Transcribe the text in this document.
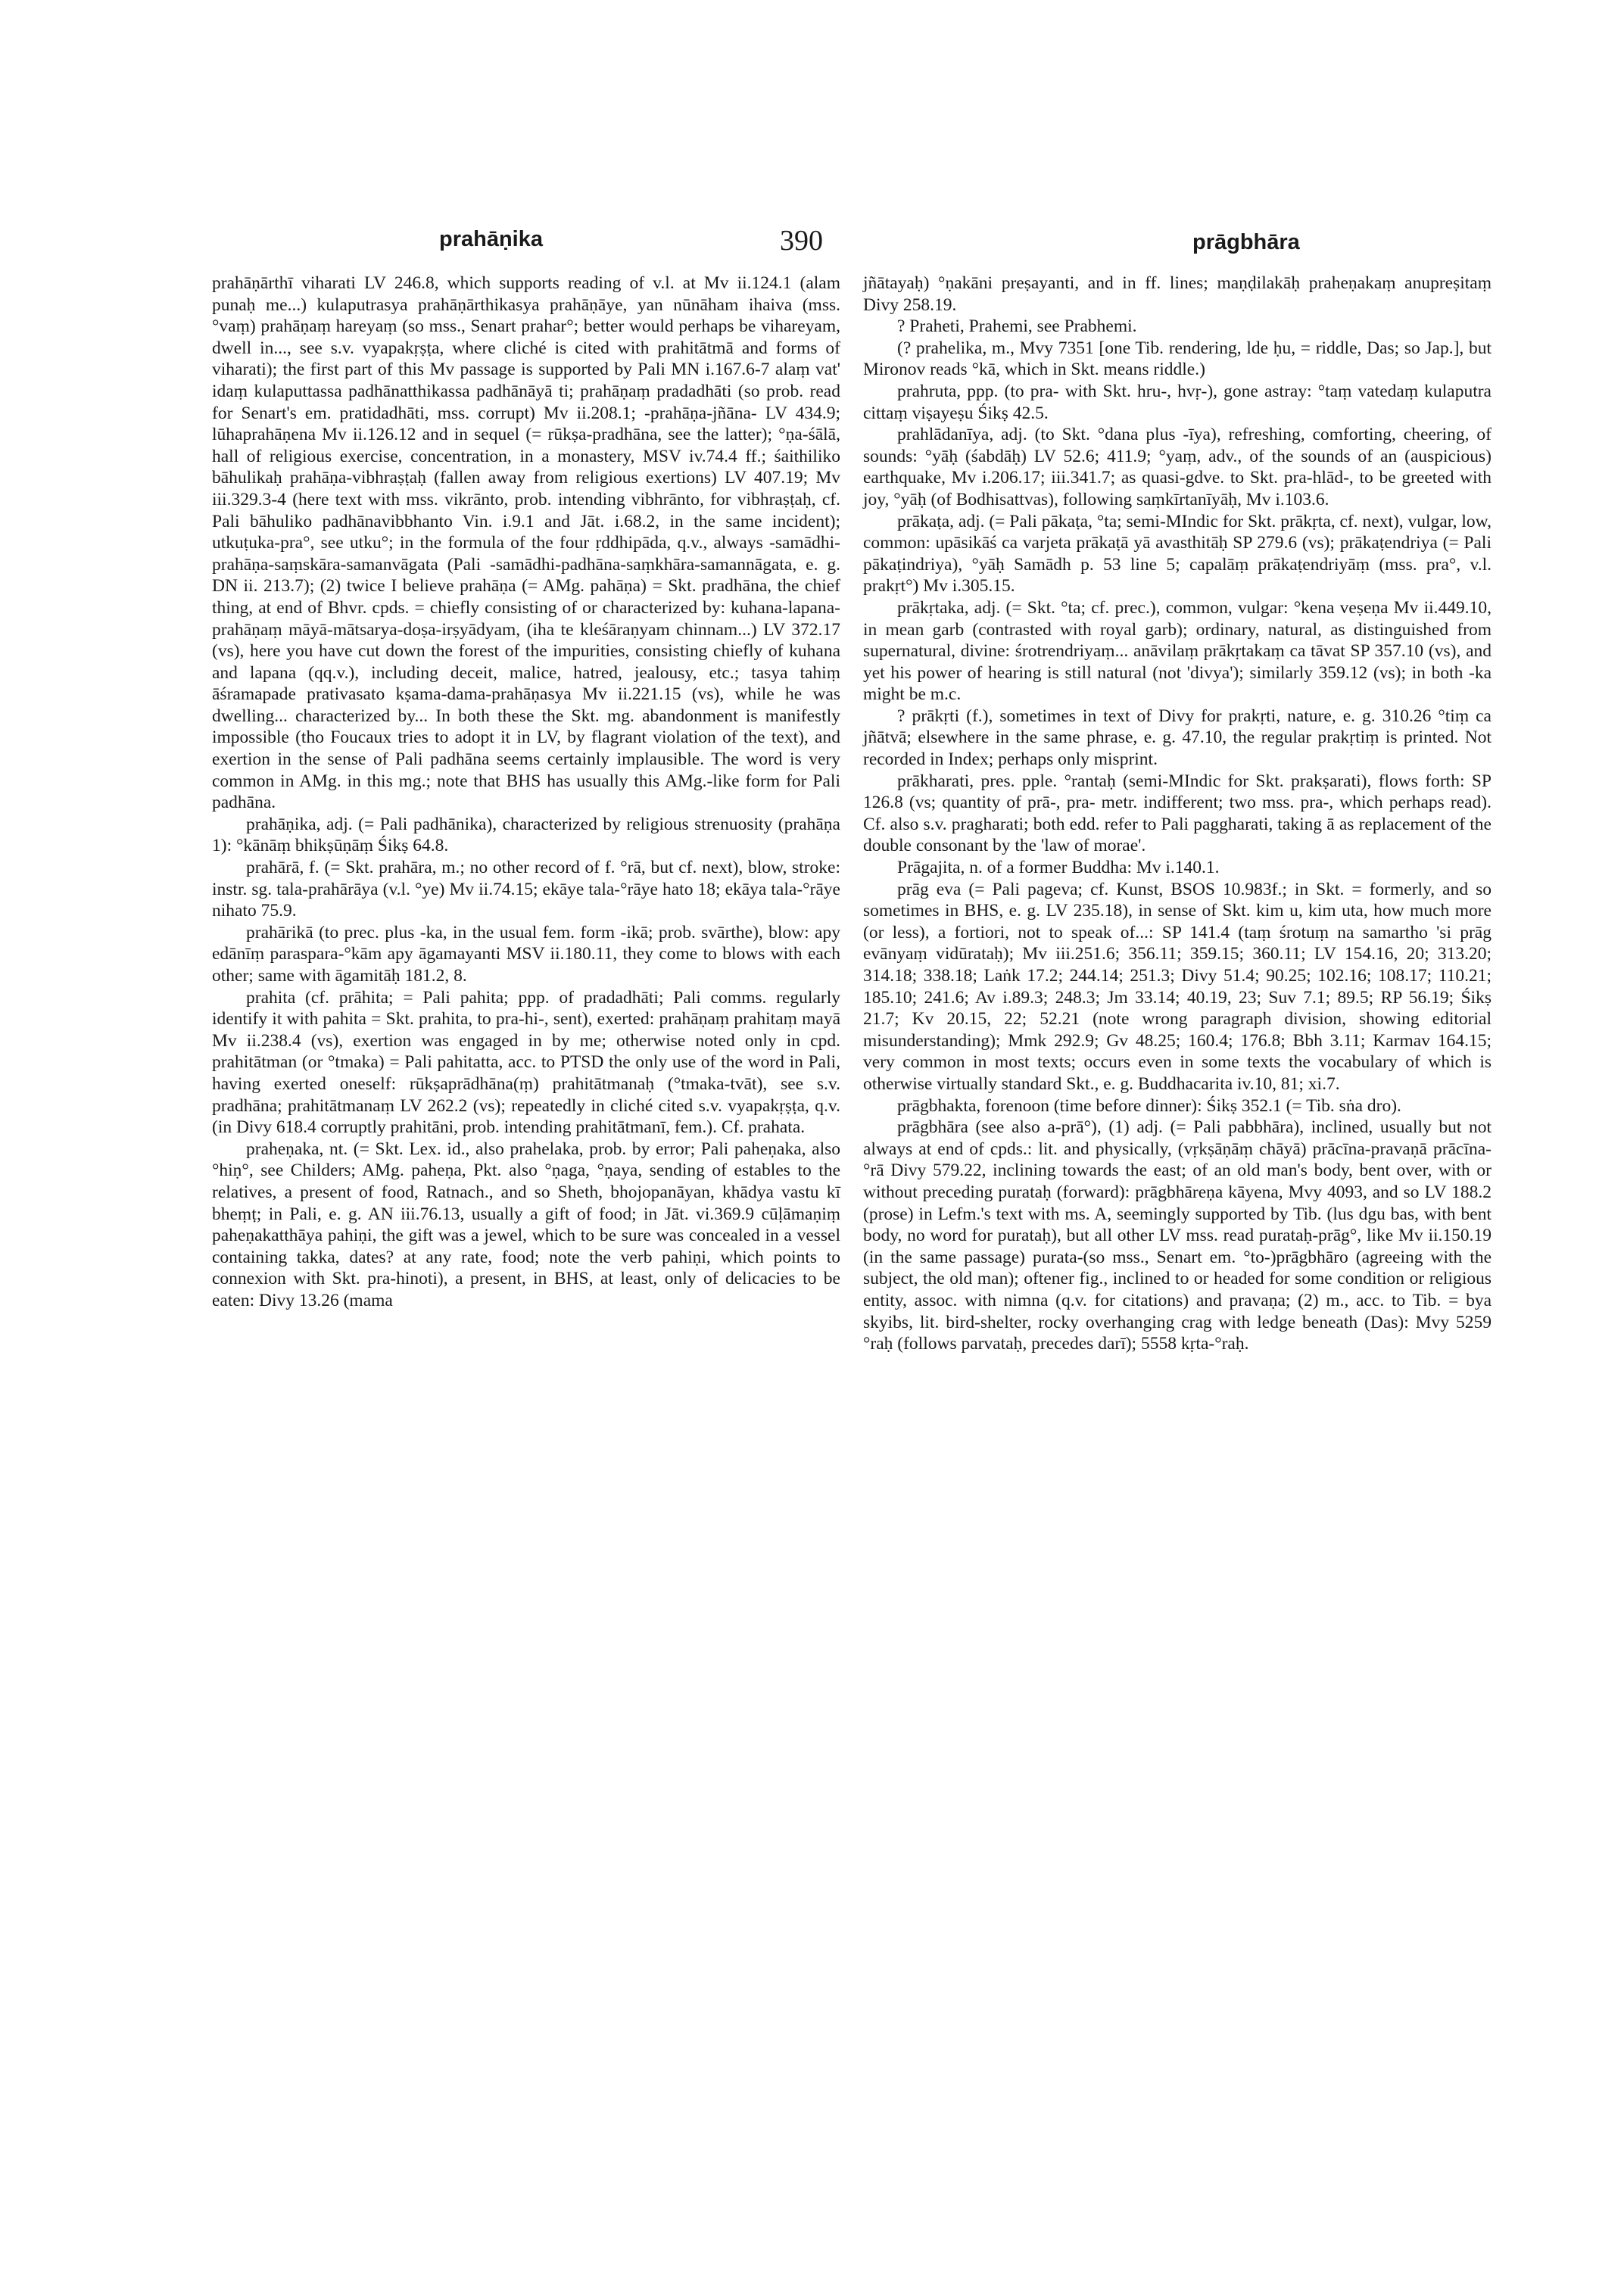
prahāṇika	390	prāgbhāra

prahāṇārthī viharati LV 246.8, which supports reading of v.l. at Mv ii.124.1 (alam punaḥ me...) kulaputrasya prahāṇārthikasya prahāṇāye, yan nūnāham ihaiva (mss. °vaṃ) prahāṇaṃ hareyaṃ (so mss., Senart prahar°; better would perhaps be vihareyam, dwell in..., see s.v. vyapakṛṣṭa, where cliché is cited with prahitātmā and forms of viharati); the first part of this Mv passage is supported by Pali MN i.167.6-7 alaṃ vat' idaṃ kulaputtassa padhānatthikassa padhānāyā ti; prahāṇaṃ pradadhāti (so prob. read for Senart's em. pratidadhāti, mss. corrupt) Mv ii.208.1; -prahāṇa-jñāna- LV 434.9; lūhaprahāṇena Mv ii.126.12 and in sequel (= rūkṣa-pradhāna, see the latter); °ṇa-śālā, hall of religious exercise, concentration, in a monastery, MSV iv.74.4 ff.; śaithiliko bāhulikaḥ prahāṇa-vibhraṣṭaḥ (fallen away from religious exertions) LV 407.19; Mv iii.329.3-4 (here text with mss. vikrānto, prob. intending vibhrānto, for vibhraṣṭaḥ, cf. Pali bāhuliko padhānavibbhanto Vin. i.9.1 and Jāt. i.68.2, in the same incident); utkuṭuka-pra°, see utku°; in the formula of the four ṛddhipāda, q.v., always -samādhi-prahāṇa-saṃskāra-samanvāgata (Pali -samādhi-padhāna-saṃkhāra-samannāgata, e. g. DN ii. 213.7); (2) twice I believe prahāṇa (= AMg. pahāṇa) = Skt. pradhāna, the chief thing, at end of Bhvr. cpds. = chiefly consisting of or characterized by: kuhana-lapana-prahāṇaṃ māyā-mātsarya-doṣa-irṣyādyam, (iha te kleśāraṇyam chinnam...) LV 372.17 (vs), here you have cut down the forest of the impurities, consisting chiefly of kuhana and lapana (qq.v.), including deceit, malice, hatred, jealousy, etc.; tasya tahiṃ āśramapade prativasato kṣama-dama-prahāṇasya Mv ii.221.15 (vs), while he was dwelling... characterized by... In both these the Skt. mg. abandonment is manifestly impossible (tho Foucaux tries to adopt it in LV, by flagrant violation of the text), and exertion in the sense of Pali padhāna seems certainly implausible. The word is very common in AMg. in this mg.; note that BHS has usually this AMg.-like form for Pali padhāna.

prahāṇika, adj. (= Pali padhānika), characterized by religious strenuosity (prahāṇa 1): °kānāṃ bhikṣūṇāṃ Śikṣ 64.8.

prahārā, f. (= Skt. prahāra, m.; no other record of f. °rā, but cf. next), blow, stroke: instr. sg. tala-prahārāya (v.l. °ye) Mv ii.74.15; ekāye tala-°rāye hato 18; ekāya tala-°rāye nihato 75.9.

prahārikā (to prec. plus -ka, in the usual fem. form -ikā; prob. svārthe), blow: apy edānīṃ paraspara-°kām apy āgamayanti MSV ii.180.11, they come to blows with each other; same with āgamitāḥ 181.2, 8.

prahita (cf. prāhita; = Pali pahita; ppp. of pradadhāti; Pali comms. regularly identify it with pahita = Skt. prahita, to pra-hi-, sent), exerted: prahāṇaṃ prahitaṃ mayā Mv ii.238.4 (vs), exertion was engaged in by me; otherwise noted only in cpd. prahitātman (or °tmaka) = Pali pahitatta, acc. to PTSD the only use of the word in Pali, having exerted oneself: rūkṣaprādhāna(ṃ) prahitātmanaḥ (°tmaka-tvāt), see s.v. pradhāna; prahitātmanaṃ LV 262.2 (vs); repeatedly in cliché cited s.v. vyapakṛṣṭa, q.v. (in Divy 618.4 corruptly prahitāni, prob. intending prahitātmanī, fem.). Cf. prahata.

praheṇaka, nt. (= Skt. Lex. id., also prahelaka, prob. by error; Pali paheṇaka, also °hiṇ°, see Childers; AMg. paheṇa, Pkt. also °ṇaga, °ṇaya, sending of estables to the relatives, a present of food, Ratnach., and so Sheth, bhojopanāyan, khādya vastu kī bheṃṭ; in Pali, e. g. AN iii.76.13, usually a gift of food; in Jāt. vi.369.9 cūḷāmaṇiṃ paheṇakatthāya pahiṇi, the gift was a jewel, which to be sure was concealed in a vessel containing takka, dates? at any rate, food; note the verb pahiṇi, which points to connexion with Skt. pra-hinoti), a present, in BHS, at least, only of delicacies to be eaten: Divy 13.26 (mama

jñātayaḥ) °ṇakāni preṣayanti, and in ff. lines; maṇḍilakāḥ praheṇakaṃ anupreṣitaṃ Divy 258.19.

? Praheti, Prahemi, see Prabhemi.

(? prahelika, m., Mvy 7351 [one Tib. rendering, lde ḥu, = riddle, Das; so Jap.], but Mironov reads °kā, which in Skt. means riddle.)

prahruta, ppp. (to pra- with Skt. hru-, hvṛ-), gone astray: °taṃ vatedaṃ kulaputra cittaṃ viṣayeṣu Śikṣ 42.5.

prahlādanīya, adj. (to Skt. °dana plus -īya), refreshing, comforting, cheering, of sounds: °yāḥ (śabdāḥ) LV 52.6; 411.9; °yaṃ, adv., of the sounds of an (auspicious) earthquake, Mv i.206.17; iii.341.7; as quasi-gdve. to Skt. pra-hlād-, to be greeted with joy, °yāḥ (of Bodhisattvas), following saṃkīrtanīyāḥ, Mv i.103.6.

prākaṭa, adj. (= Pali pākaṭa, °ta; semi-MIndic for Skt. prākṛta, cf. next), vulgar, low, common: upāsikāś ca varjeta prākaṭā yā avasthitāḥ SP 279.6 (vs); prākaṭendriya (= Pali pākaṭindriya), °yāḥ Samādh p. 53 line 5; capalāṃ prākaṭendriyāṃ (mss. pra°, v.l. prakṛt°) Mv i.305.15.

prākṛtaka, adj. (= Skt. °ta; cf. prec.), common, vulgar: °kena veṣeṇa Mv ii.449.10, in mean garb (contrasted with royal garb); ordinary, natural, as distinguished from supernatural, divine: śrotrendriyaṃ... anāvilaṃ prākṛtakaṃ ca tāvat SP 357.10 (vs), and yet his power of hearing is still natural (not 'divya'); similarly 359.12 (vs); in both -ka might be m.c.

? prākṛti (f.), sometimes in text of Divy for prakṛti, nature, e. g. 310.26 °tiṃ ca jñātvā; elsewhere in the same phrase, e. g. 47.10, the regular prakṛtiṃ is printed. Not recorded in Index; perhaps only misprint.

prākharati, pres. pple. °rantaḥ (semi-MIndic for Skt. prakṣarati), flows forth: SP 126.8 (vs; quantity of prā-, pra- metr. indifferent; two mss. pra-, which perhaps read). Cf. also s.v. pragharati; both edd. refer to Pali paggharati, taking ā as replacement of the double consonant by the 'law of morae'.

Prāgajita, n. of a former Buddha: Mv i.140.1.

prāg eva (= Pali pageva; cf. Kunst, BSOS 10.983f.; in Skt. = formerly, and so sometimes in BHS, e. g. LV 235.18), in sense of Skt. kim u, kim uta, how much more (or less), a fortiori, not to speak of...: SP 141.4 (taṃ śrotuṃ na samartho 'si prāg evānyaṃ vidūrataḥ); Mv iii.251.6; 356.11; 359.15; 360.11; LV 154.16, 20; 313.20; 314.18; 338.18; Laṅk 17.2; 244.14; 251.3; Divy 51.4; 90.25; 102.16; 108.17; 110.21; 185.10; 241.6; Av i.89.3; 248.3; Jm 33.14; 40.19, 23; Suv 7.1; 89.5; RP 56.19; Śikṣ 21.7; Kv 20.15, 22; 52.21 (note wrong paragraph division, showing editorial misunderstanding); Mmk 292.9; Gv 48.25; 160.4; 176.8; Bbh 3.11; Karmav 164.15; very common in most texts; occurs even in some texts the vocabulary of which is otherwise virtually standard Skt., e. g. Buddhacarita iv.10, 81; xi.7.

prāgbhakta, forenoon (time before dinner): Śikṣ 352.1 (= Tib. sṅa dro).

prāgbhāra (see also a-prā°), (1) adj. (= Pali pabbhāra), inclined, usually but not always at end of cpds.: lit. and physically, (vṛkṣāṇāṃ chāyā) prācīna-pravaṇā prācīna-°rā Divy 579.22, inclining towards the east; of an old man's body, bent over, with or without preceding purataḥ (forward): prāgbhāreṇa kāyena, Mvy 4093, and so LV 188.2 (prose) in Lefm.'s text with ms. A, seemingly supported by Tib. (lus dgu bas, with bent body, no word for purataḥ), but all other LV mss. read purataḥ-prāg°, like Mv ii.150.19 (in the same passage) purata-(so mss., Senart em. °to-)prāgbhāro (agreeing with the subject, the old man); oftener fig., inclined to or headed for some condition or religious entity, assoc. with nimna (q.v. for citations) and pravaṇa; (2) m., acc. to Tib. = bya skyibs, lit. bird-shelter, rocky overhanging crag with ledge beneath (Das): Mvy 5259 °raḥ (follows parvataḥ, precedes darī); 5558 kṛta-°raḥ.
